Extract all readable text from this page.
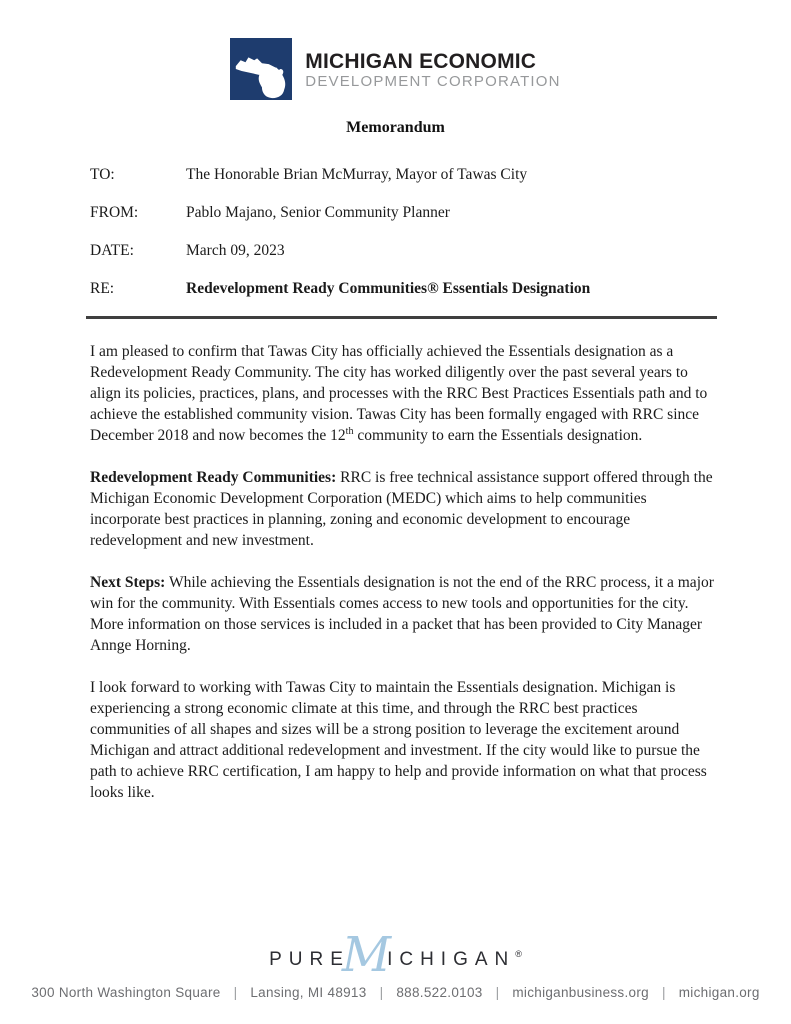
MICHIGAN ECONOMIC
DEVELOPMENT CORPORATION
Memorandum
TO:	The Honorable Brian McMurray, Mayor of Tawas City
FROM:	Pablo Majano, Senior Community Planner
DATE:	March 09, 2023
RE:	Redevelopment Ready Communities® Essentials Designation

I am pleased to confirm that Tawas City has officially achieved the Essentials designation as a Redevelopment Ready Community. The city has worked diligently over the past several years to align its policies, practices, plans, and processes with the RRC Best Practices Essentials path and to achieve the established community vision. Tawas City has been formally engaged with RRC since December 2018 and now becomes the 12th community to earn the Essentials designation.

Redevelopment Ready Communities: RRC is free technical assistance support offered through the Michigan Economic Development Corporation (MEDC) which aims to help communities incorporate best practices in planning, zoning and economic development to encourage redevelopment and new investment.

Next Steps: While achieving the Essentials designation is not the end of the RRC process, it a major win for the community. With Essentials comes access to new tools and opportunities for the city. More information on those services is included in a packet that has been provided to City Manager Annge Horning.

I look forward to working with Tawas City to maintain the Essentials designation. Michigan is experiencing a strong economic climate at this time, and through the RRC best practices communities of all shapes and sizes will be a strong position to leverage the excitement around Michigan and attract additional redevelopment and investment. If the city would like to pursue the path to achieve RRC certification, I am happy to help and provide information on what that process looks like.

PURE
M
ICHIGAN ®
300 North Washington Square | Lansing, MI 48913 | 888.522.0103 | michiganbusiness.org | michigan.org
